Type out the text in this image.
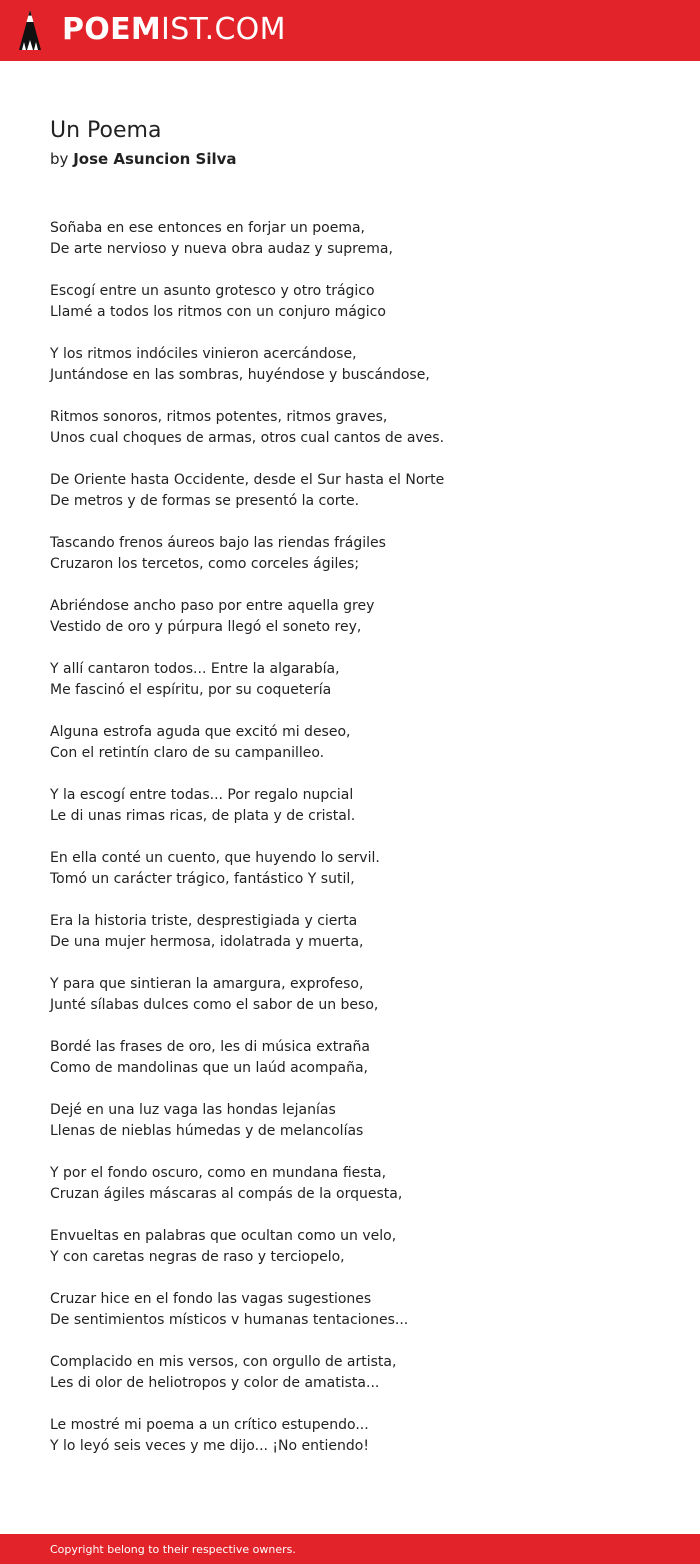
POEMIST.COM
Un Poema
by Jose Asuncion Silva
Soñaba en ese entonces en forjar un poema,
De arte nervioso y nueva obra audaz y suprema,
Escogí entre un asunto grotesco y otro trágico
Llamé a todos los ritmos con un conjuro mágico
Y los ritmos indóciles vinieron acercándose,
Juntándose en las sombras, huyéndose y buscándose,
Ritmos sonoros, ritmos potentes, ritmos graves,
Unos cual choques de armas, otros cual cantos de aves.
De Oriente hasta Occidente, desde el Sur hasta el Norte
De metros y de formas se presentó la corte.
Tascando frenos áureos bajo las riendas frágiles
Cruzaron los tercetos, como corceles ágiles;
Abriéndose ancho paso por entre aquella grey
Vestido de oro y púrpura llegó el soneto rey,
Y allí cantaron todos... Entre la algarabía,
Me fascinó el espíritu, por su coquetería
Alguna estrofa aguda que excitó mi deseo,
Con el retintín claro de su campanilleo.
Y la escogí entre todas... Por regalo nupcial
Le di unas rimas ricas, de plata y de cristal.
En ella conté un cuento, que huyendo lo servil.
Tomó un carácter trágico, fantástico Y sutil,
Era la historia triste, desprestigiada y cierta
De una mujer hermosa, idolatrada y muerta,
Y para que sintieran la amargura, exprofeso,
Junté sílabas dulces como el sabor de un beso,
Bordé las frases de oro, les di música extraña
Como de mandolinas que un laúd acompaña,
Dejé en una luz vaga las hondas lejanías
Llenas de nieblas húmedas y de melancolías
Y por el fondo oscuro, como en mundana fiesta,
Cruzan ágiles máscaras al compás de la orquesta,
Envueltas en palabras que ocultan como un velo,
Y con caretas negras de raso y terciopelo,
Cruzar hice en el fondo las vagas sugestiones
De sentimientos místicos v humanas tentaciones...
Complacido en mis versos, con orgullo de artista,
Les di olor de heliotropos y color de amatista...
Le mostré mi poema a un crítico estupendo...
Y lo leyó seis veces y me dijo... ¡No entiendo!
Copyright belong to their respective owners.
